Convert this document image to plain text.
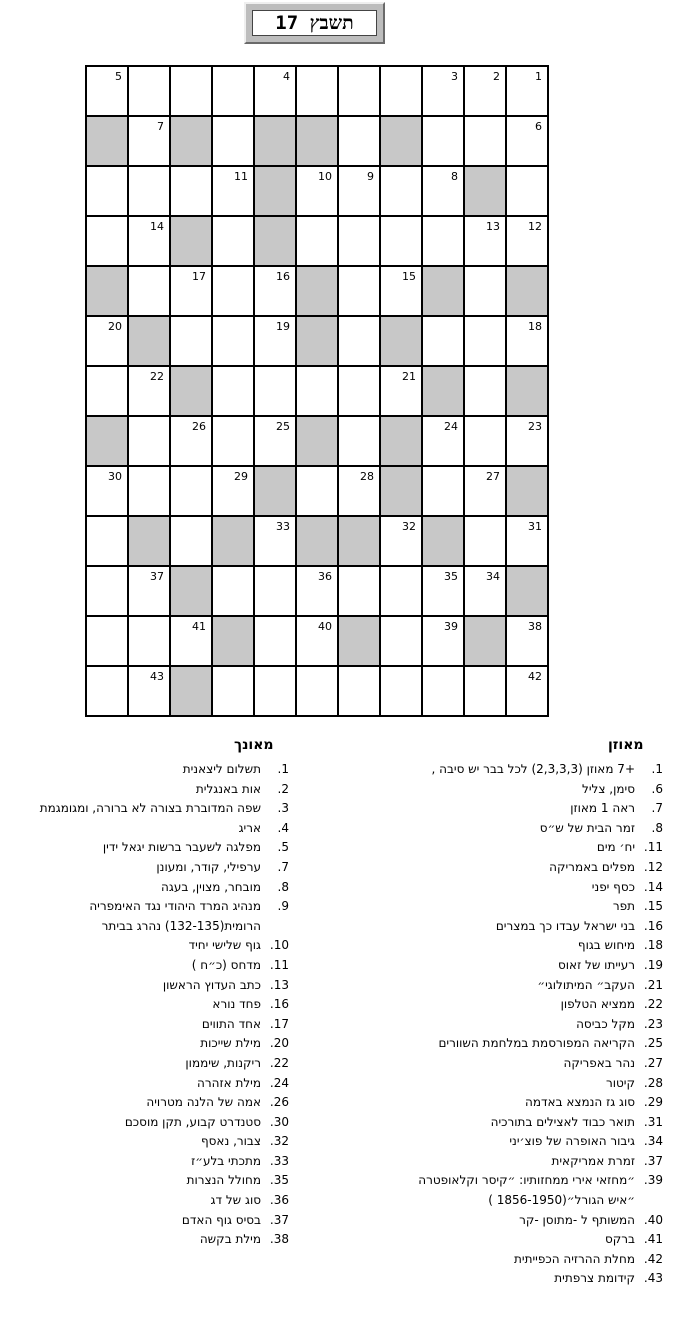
תשבץ 17
1
2
3
4
5
6
7
8
9
10
11
12
13
14
15
16
17
18
19
20
21
22
23
24
25
26
27
28
29
30
31
32
33
34
35
36
37
38
39
40
41
42
43
מאוזן
מאונך
1.+7 מאוזן (2,3,3,3) לכל בבר יש סיבה ,
6.סימן, צליל
7.ראה 1 מאוזן
8.זמר הבית של ש״ס
11.יח׳ מים
12.מפלים באמריקה
14.כסף יפני
15.תפר
16.בני ישראל עבדו כך במצרים
18.מיחוש בגוף
19.רעייתו של זאוס
21.העקב״ המיתולוגי״
22.ממציא הטלפון
23.מקל כביסה
25.הקריאה המפורסמת במלחמת השוורים
27.נהר באפריקה
28.קיטור
29.סוג גז הנמצא באדמה
31.תואר כבוד לאצילים בתורכיה
34.גיבור האופרה של פוצ׳יני
37.זמרת אמריקאית
39.״מחזאי אירי ממחזותיו: ״קיסר וקלאופטרה
״איש הגורל״(1856-1950 )
40.המשותף ל -מתוסן -קר
41.ברקס
42.מחלת ההרזיה הכפייתית
43.קידומת צרפתית
1.תשלום ליצאנית
2.אות באנגלית
3.שפה המדוברת בצורה לא ברורה, ומגומגמת
4.אריג
5.מפלגה לשעבר ברשות יגאל ידין
7.ערפילי, קודר, ומעונן
8.מובחר, מצוין, בעגה
9.מנהיג המרד היהודי נגד האימפריה
הרומית(132-135) נהרג בביתר
10.גוף שלישי יחיד
11.מדחס (כ״ח )
13.כתב העדוץ הראשון
16.פחד נורא
17.אחד התווים
20.מילת שייכות
22.ריקנות, שיממון
24.מילת אזהרה
26.אמה של הלנה מטרויה
30.סטנדרט קבוע, תקן מוסכם
32.צבור, נאסף
33.מתכתי בלע״ז
35.מחולל הנצרות
36.סוג של דג
37.בסיס גוף האדם
38.מילת בקשה
